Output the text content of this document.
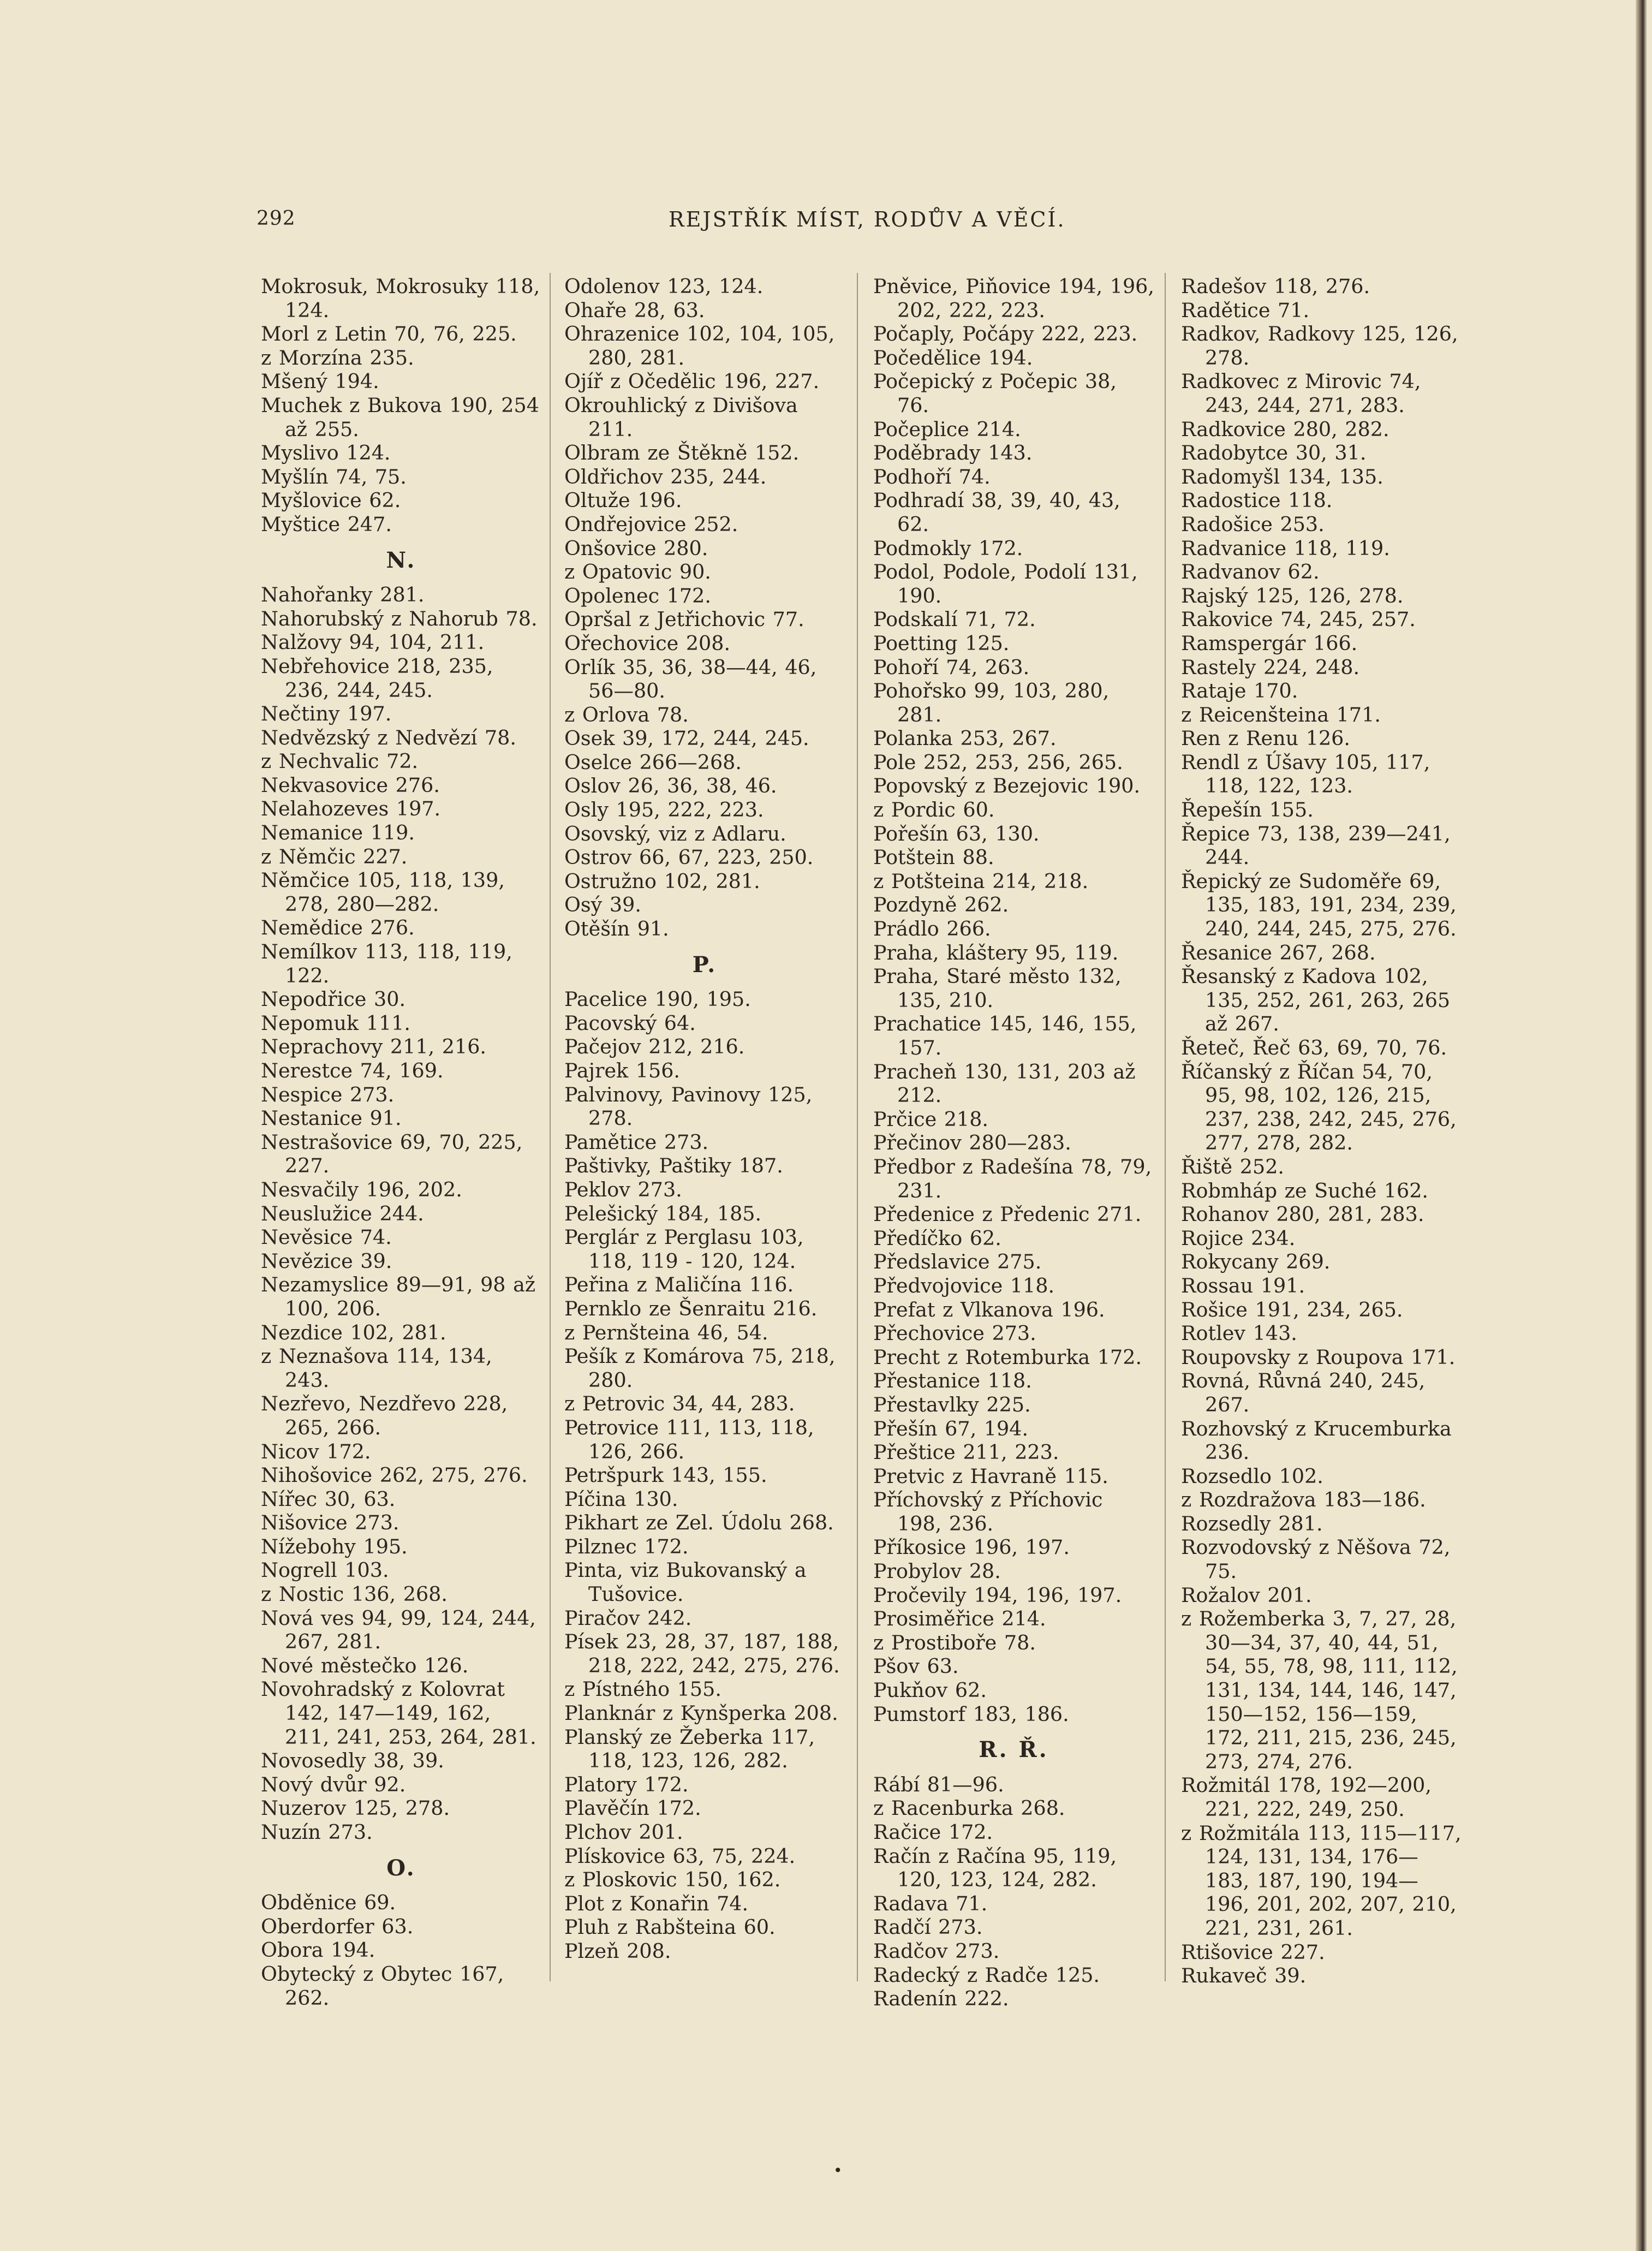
292	REJSTŘÍK MÍST, RODŮV A VĚCÍ.
Mokrosuk, Mokrosuky 118, 124.
Morl z Letin 70, 76, 225.
z Morzína 235.
Mšený 194.
Muchek z Bukova 190, 254 až 255.
Myslivo 124.
Myšlín 74, 75.
Myšlovice 62.
Myštice 247.
N.
Nahořanky 281.
Nahorubský z Nahorub 78.
Nalžovy 94, 104, 211.
Nebřehovice 218, 235, 236, 244, 245.
Nečtiny 197.
Nedvězský z Nedvězí 78.
z Nechvalic 72.
Nekvasovice 276.
Nelahozeves 197.
Nemanice 119.
z Němčic 227.
Němčice 105, 118, 139, 278, 280—282.
Nemědice 276.
Nemílkov 113, 118, 119, 122.
Nepodřice 30.
Nepomuk 111.
Neprachovy 211, 216.
Nerestce 74, 169.
Nespice 273.
Nestanice 91.
Nestrašovice 69, 70, 225, 227.
Nesvačily 196, 202.
Neuslužice 244.
Nevěsice 74.
Nevězice 39.
Nezamyslice 89—91, 98 až 100, 206.
Nezdice 102, 281.
z Neznašova 114, 134, 243.
Nezřevo, Nezdřevo 228, 265, 266.
Nicov 172.
Nihošovice 262, 275, 276.
Nířec 30, 63.
Nišovice 273.
Nížebohy 195.
Nogrell 103.
z Nostic 136, 268.
Nová ves 94, 99, 124, 244, 267, 281.
Nové městečko 126.
Novohradský z Kolovrat 142, 147—149, 162, 211, 241, 253, 264, 281.
Novosedly 38, 39.
Nový dvůr 92.
Nuzerov 125, 278.
Nuzín 273.
O.
Obděnice 69.
Oberdorfer 63.
Obora 194.
Obytecký z Obytec 167, 262.
Odolenov 123, 124.
Ohaře 28, 63.
Ohrazenice 102, 104, 105, 280, 281.
Ojíř z Očedělic 196, 227.
Okrouhlický z Divišova 211.
Olbram ze Štěkně 152.
Oldřichov 235, 244.
Oltuže 196.
Ondřejovice 252.
Onšovice 280.
z Opatovic 90.
Opolenec 172.
Opršal z Jetřichovic 77.
Ořechovice 208.
Orlík 35, 36, 38—44, 46, 56—80.
z Orlova 78.
Osek 39, 172, 244, 245.
Oselce 266—268.
Oslov 26, 36, 38, 46.
Osly 195, 222, 223.
Osovský, viz z Adlaru.
Ostrov 66, 67, 223, 250.
Ostružno 102, 281.
Osý 39.
Otěšín 91.
P.
Pacelice 190, 195.
Pacovský 64.
Pačejov 212, 216.
Pajrek 156.
Palvinovy, Pavinovy 125, 278.
Pamětice 273.
Paštivky, Paštiky 187.
Peklov 273.
Pelešický 184, 185.
Perglár z Perglasu 103, 118, 119 - 120, 124.
Peřina z Maličína 116.
Pernklo ze Šenraitu 216.
z Pernšteina 46, 54.
Pešík z Komárova 75, 218, 280.
z Petrovic 34, 44, 283.
Petrovice 111, 113, 118, 126, 266.
Petršpurk 143, 155.
Píčina 130.
Pikhart ze Zel. Údolu 268.
Pilznec 172.
Pinta, viz Bukovanský a Tušovice.
Piračov 242.
Písek 23, 28, 37, 187, 188, 218, 222, 242, 275, 276.
z Pístného 155.
Planknár z Kynšperka 208.
Planský ze Žeberka 117, 118, 123, 126, 282.
Platory 172.
Plavěčín 172.
Plchov 201.
Plískovice 63, 75, 224.
z Ploskovic 150, 162.
Plot z Konařin 74.
Pluh z Rabšteina 60.
Plzeň 208.
Pněvice, Piňovice 194, 196, 202, 222, 223.
Počaply, Počápy 222, 223.
Počedělice 194.
Počepický z Počepic 38, 76.
Počeplice 214.
Poděbrady 143.
Podhoří 74.
Podhradí 38, 39, 40, 43, 62.
Podmokly 172.
Podol, Podole, Podolí 131, 190.
Podskalí 71, 72.
Poetting 125.
Pohoří 74, 263.
Pohořsko 99, 103, 280, 281.
Polanka 253, 267.
Pole 252, 253, 256, 265.
Popovský z Bezejovic 190.
z Pordic 60.
Pořešín 63, 130.
Potštein 88.
z Potšteina 214, 218.
Pozdyně 262.
Prádlo 266.
Praha, kláštery 95, 119.
Praha, Staré město 132, 135, 210.
Prachatice 145, 146, 155, 157.
Pracheň 130, 131, 203 až 212.
Prčice 218.
Přečinov 280—283.
Předbor z Radešína 78, 79, 231.
Předenice z Předenic 271.
Předíčko 62.
Předslavice 275.
Předvojovice 118.
Prefat z Vlkanova 196.
Přechovice 273.
Precht z Rotemburka 172.
Přestanice 118.
Přestavlky 225.
Přešín 67, 194.
Přeštice 211, 223.
Pretvic z Havraně 115.
Příchovský z Příchovic 198, 236.
Příkosice 196, 197.
Probylov 28.
Pročevily 194, 196, 197.
Prosiměřice 214.
z Prostiboře 78.
Pšov 63.
Pukňov 62.
Pumstorf 183, 186.
R. Ř.
Rábí 81—96.
z Racenburka 268.
Račice 172.
Račín z Račína 95, 119, 120, 123, 124, 282.
Radava 71.
Radčí 273.
Radčov 273.
Radecký z Radče 125.
Radenín 222.
Radešov 118, 276.
Radětice 71.
Radkov, Radkovy 125, 126, 278.
Radkovec z Mirovic 74, 243, 244, 271, 283.
Radkovice 280, 282.
Radobytce 30, 31.
Radomyšl 134, 135.
Radostice 118.
Radošice 253.
Radvanice 118, 119.
Radvanov 62.
Rajský 125, 126, 278.
Rakovice 74, 245, 257.
Ramspergár 166.
Rastely 224, 248.
Rataje 170.
z Reicenšteina 171.
Ren z Renu 126.
Rendl z Úšavy 105, 117, 118, 122, 123.
Řepešín 155.
Řepice 73, 138, 239—241, 244.
Řepický ze Sudoměře 69, 135, 183, 191, 234, 239, 240, 244, 245, 275, 276.
Řesanice 267, 268.
Řesanský z Kadova 102, 135, 252, 261, 263, 265 až 267.
Řeteč, Řeč 63, 69, 70, 76.
Říčanský z Říčan 54, 70, 95, 98, 102, 126, 215, 237, 238, 242, 245, 276, 277, 278, 282.
Řiště 252.
Robmháp ze Suché 162.
Rohanov 280, 281, 283.
Rojice 234.
Rokycany 269.
Rossau 191.
Rošice 191, 234, 265.
Rotlev 143.
Roupovsky z Roupova 171.
Rovná, Růvná 240, 245, 267.
Rozhovský z Krucemburka 236.
Rozsedlo 102.
z Rozdražova 183—186.
Rozsedly 281.
Rozvodovský z Něšova 72, 75.
Rožalov 201.
z Rožemberka 3, 7, 27, 28, 30—34, 37, 40, 44, 51, 54, 55, 78, 98, 111, 112, 131, 134, 144, 146, 147, 150—152, 156—159, 172, 211, 215, 236, 245, 273, 274, 276.
Rožmitál 178, 192—200, 221, 222, 249, 250.
z Rožmitála 113, 115—117, 124, 131, 134, 176—183, 187, 190, 194—196, 201, 202, 207, 210, 221, 231, 261.
Rtišovice 227.
Rukaveč 39.
•
